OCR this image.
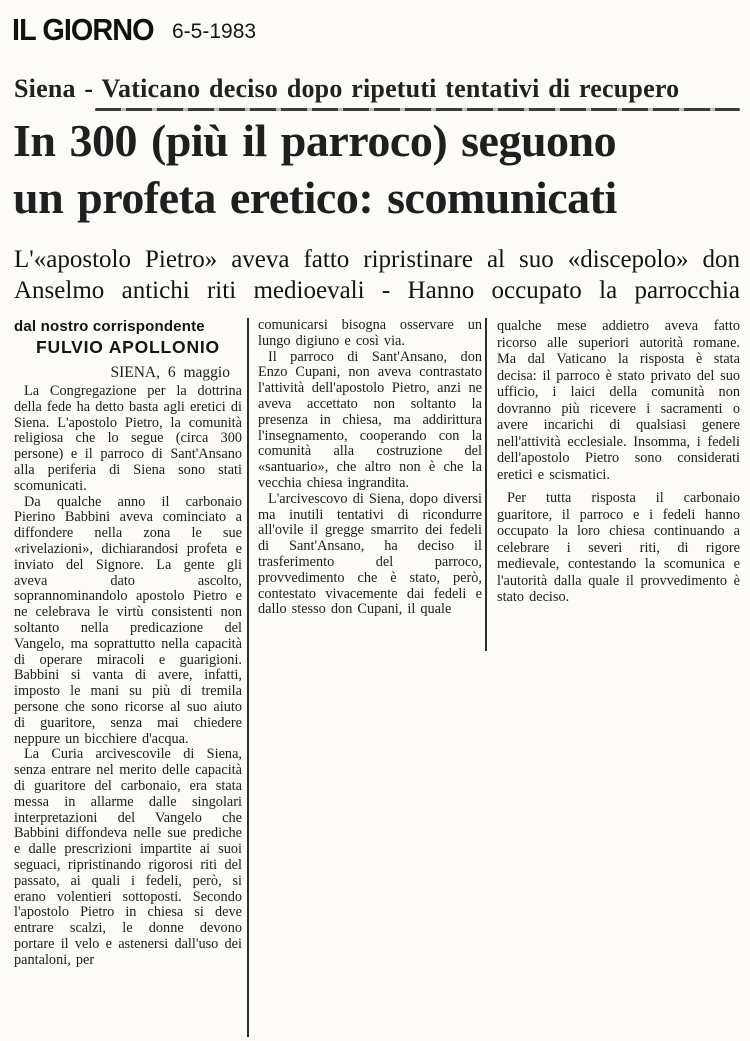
IL GIORNO 6-5-1983
Siena - Vaticano deciso dopo ripetuti tentativi di recupero
In 300 (più il parroco) seguono
un profeta eretico: scomunicati
L'«apostolo Pietro» aveva fatto ripristinare al suo «discepolo» don Anselmo antichi riti medioevali - Hanno occupato la parrocchia
dal nostro corrispondente
FULVIO APOLLONIO
SIENA, 6 maggio

La Congregazione per la dottrina della fede ha detto basta agli eretici di Siena. L'apostolo Pietro, la comunità religiosa che lo segue (circa 300 persone) e il parroco di Sant'Ansano alla periferia di Siena sono stati scomunicati.

Da qualche anno il carbonaio Pierino Babbini aveva cominciato a diffondere nella zona le sue «rivelazioni», dichiarandosi profeta e inviato del Signore. La gente gli aveva dato ascolto, soprannominandolo apostolo Pietro e ne celebrava le virtù consistenti non soltanto nella predicazione del Vangelo, ma soprattutto nella capacità di operare miracoli e guarigioni. Babbini si vanta di avere, infatti, imposto le mani su più di tremila persone che sono ricorse al suo aiuto di guaritore, senza mai chiedere neppure un bicchiere d'acqua.

La Curia arcivescovile di Siena, senza entrare nel merito delle capacità di guaritore del carbonaio, era stata messa in allarme dalle singolari interpretazioni del Vangelo che Babbini diffondeva nelle sue prediche e dalle prescrizioni impartite ai suoi seguaci, ripristinando rigorosi riti del passato, ai quali i fedeli, però, si erano volentieri sottoposti. Secondo l'apostolo Pietro in chiesa si deve entrare scalzi, le donne devono portare il velo e astenersi dall'uso dei pantaloni, per

comunicarsi bisogna osservare un lungo digiuno e così via.

Il parroco di Sant'Ansano, don Enzo Cupani, non aveva contrastato l'attività dell'apostolo Pietro, anzi ne aveva accettato non soltanto la presenza in chiesa, ma addirittura l'insegnamento, cooperando con la comunità alla costruzione del «santuario», che altro non è che la vecchia chiesa ingrandita.

L'arcivescovo di Siena, dopo diversi ma inutili tentativi di ricondurre all'ovile il gregge smarrito dei fedeli di Sant'Ansano, ha deciso il trasferimento del parroco, provvedimento che è stato, però, contestato vivacemente dai fedeli e dallo stesso don Cupani, il quale

qualche mese addietro aveva fatto ricorso alle superiori autorità romane. Ma dal Vaticano la risposta è stata decisa: il parroco è stato privato del suo ufficio, i laici della comunità non dovranno più ricevere i sacramenti o avere incarichi di qualsiasi genere nell'attività ecclesiale. Insomma, i fedeli dell'apostolo Pietro sono considerati eretici e scismatici.

Per tutta risposta il carbonaio guaritore, il parroco e i fedeli hanno occupato la loro chiesa continuando a celebrare i severi riti, di rigore medievale, contestando la scomunica e l'autorità dalla quale il provvedimento è stato deciso.
